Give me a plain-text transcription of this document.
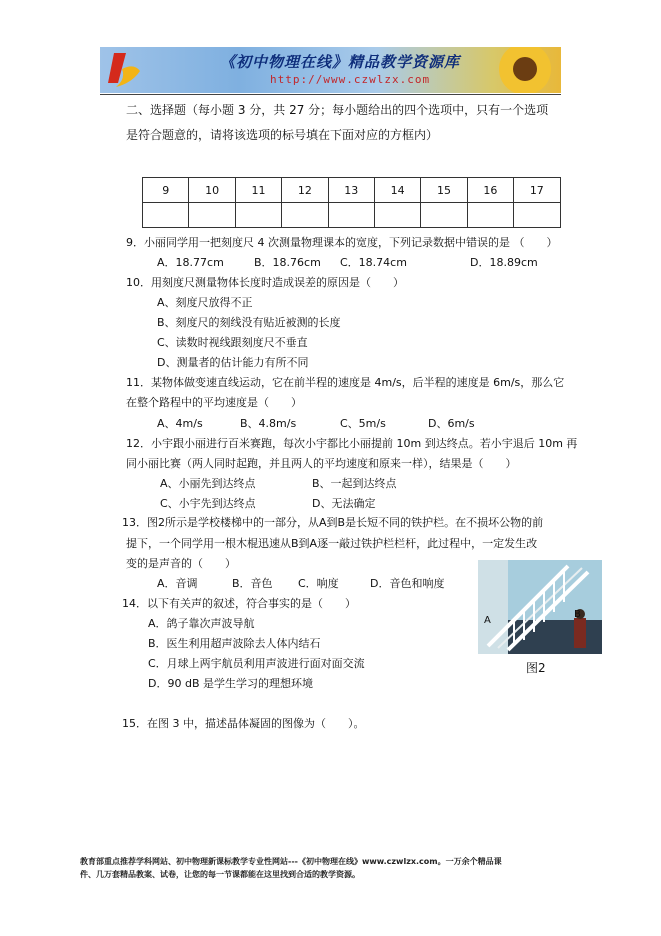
《初中物理在线》精品教学资源库
http://www.czwlzx.com
二、选择题（每小题 3 分，共 27 分；每小题给出的四个选项中，只有一个选项
是符合题意的，请将该选项的标号填在下面对应的方框内）
9	10	11	12	13	14	15	16	17

9．小丽同学用一把刻度尺 4 次测量物理课本的宽度，下列记录数据中错误的是 （　　）
A．18.77cm	B．18.76cm C．18.74cm	D．18.89cm
10．用刻度尺测量物体长度时造成误差的原因是（　　）
A、刻度尺放得不正
B、刻度尺的刻线没有贴近被测的长度
C、读数时视线跟刻度尺不垂直
D、测量者的估计能力有所不同
11．某物体做变速直线运动，它在前半程的速度是 4m/s，后半程的速度是 6m/s，那么它
在整个路程中的平均速度是（　　）
A、4m/s	B、4.8m/s	C、5m/s	D、6m/s
12．小宇跟小丽进行百米赛跑，每次小宇都比小丽提前 10m 到达终点。若小宇退后 10m 再
同小丽比赛（两人同时起跑，并且两人的平均速度和原来一样），结果是（　　）
A、小丽先到达终点	B、一起到达终点
C、小宇先到达终点	D、无法确定
13．图2所示是学校楼梯中的一部分，从A到B是长短不同的铁护栏。在不损坏公物的前
提下，一个同学用一根木棍迅速从B到A逐一敲过铁护栏栏杆，此过程中，一定发生改
变的是声音的（　　）
A．音调	B．音色 C．响度	D．音色和响度
14．以下有关声的叙述，符合事实的是（　　）
A．鸽子靠次声波导航
B．医生利用超声波除去人体内结石
C．月球上两宇航员利用声波进行面对面交流
D．90 dB 是学生学习的理想环境
A
B
图2
15．在图 3 中，描述晶体凝固的图像为（　　）。
教育部重点推荐学科网站、初中物理新课标教学专业性网站---《初中物理在线》www.czwlzx.com。一万余个精品课
件、几万套精品教案、试卷，让您的每一节课都能在这里找到合适的教学资源。
